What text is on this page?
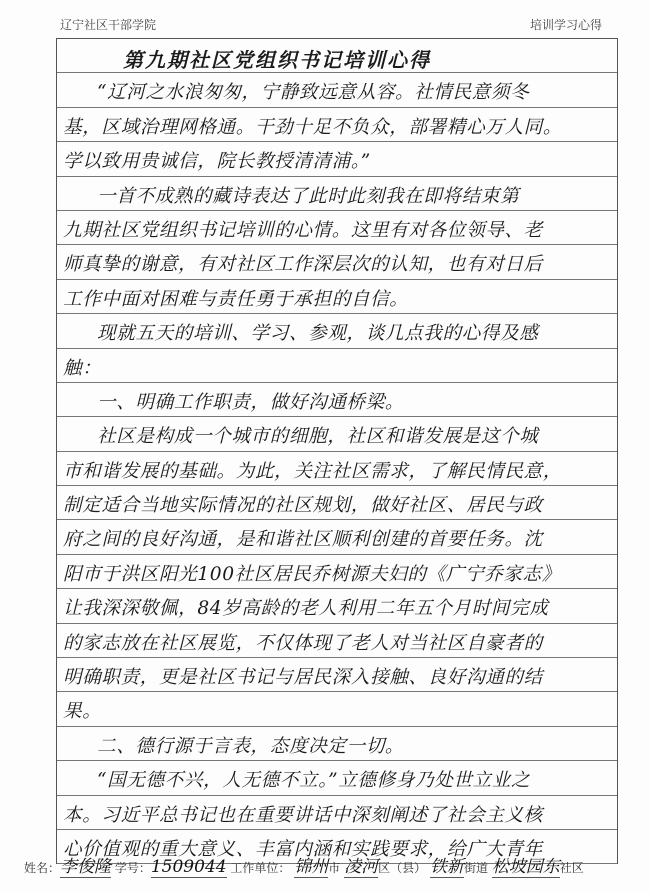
辽宁社区干部学院	培训学习心得
第九期社区党组织书记培训心得
“辽河之水浪匆匆，宁静致远意从容。社情民意须冬
基，区域治理网格通。干劲十足不负众，部署精心万人同。
学以致用贵诚信，院长教授清清浦。”
一首不成熟的藏诗表达了此时此刻我在即将结束第
九期社区党组织书记培训的心情。这里有对各位领导、老
师真挚的谢意，有对社区工作深层次的认知，也有对日后
工作中面对困难与责任勇于承担的自信。
现就五天的培训、学习、参观，谈几点我的心得及感
触：
一、明确工作职责，做好沟通桥梁。
社区是构成一个城市的细胞，社区和谐发展是这个城
市和谐发展的基础。为此，关注社区需求，了解民情民意，
制定适合当地实际情况的社区规划，做好社区、居民与政
府之间的良好沟通，是和谐社区顺利创建的首要任务。沈
阳市于洪区阳光100社区居民乔树源夫妇的《广宁乔家志》
让我深深敬佩，84岁高龄的老人利用二年五个月时间完成
的家志放在社区展览，不仅体现了老人对当社区自豪者的
明确职责，更是社区书记与居民深入接触、良好沟通的结
果。
二、德行源于言表，态度决定一切。
“国无德不兴，人无德不立。”立德修身乃处世立业之
本。习近平总书记也在重要讲话中深刻阐述了社会主义核
心价值观的重大意义、丰富内涵和实践要求，给广大青年
姓名：李俊隆 学号：1509044 工作单位： 锦州市 凌河区（县） 铁新街道 松坡园东社区
